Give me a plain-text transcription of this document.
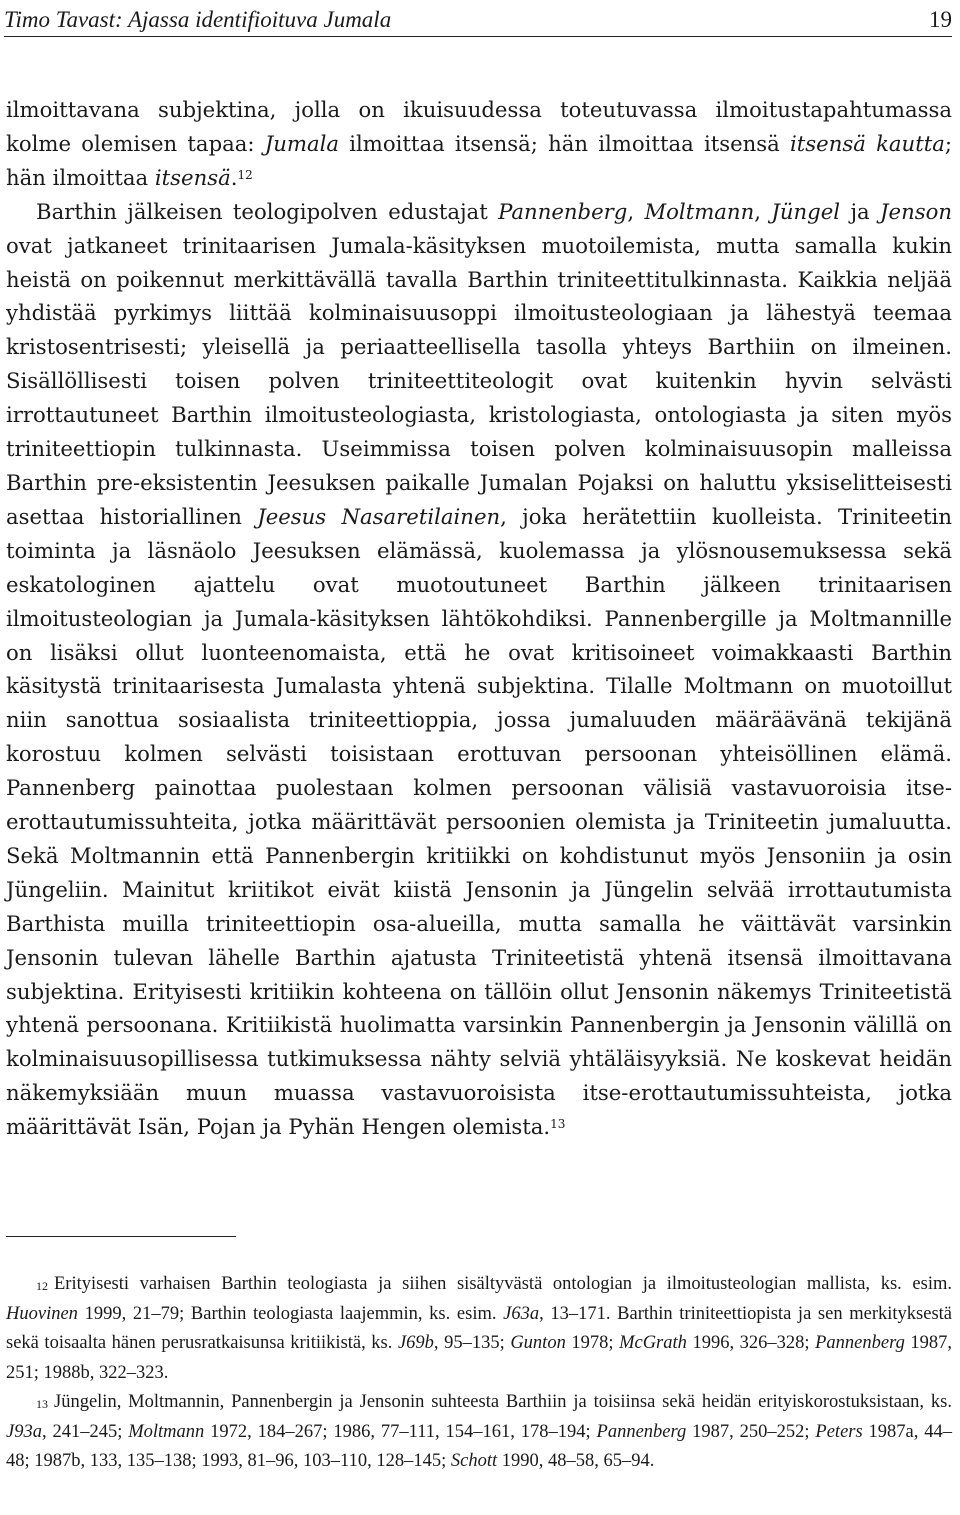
Timo Tavast: Ajassa identifioituva Jumala	19

ilmoittavana subjektina, jolla on ikuisuudessa toteutuvassa ilmoitustapahtumassa kolme olemisen tapaa: Jumala ilmoittaa itsensä; hän ilmoittaa itsensä itsensä kautta; hän ilmoittaa itsensä.$^{12}$

Barthin jälkeisen teologipolven edustajat Pannenberg, Moltmann, Jüngel ja Jenson ovat jatkaneet trinitaarisen Jumala-käsityksen muotoilemista, mutta samalla kukin heistä on poikennut merkittävällä tavalla Barthin triniteettitulkinnasta. Kaikkia neljää yhdistää pyrkimys liittää kolminaisuusoppi ilmoitusteologiaan ja lähestyä teemaa kristosentrisesti; yleisellä ja periaatteellisella tasolla yhteys Barthiin on ilmeinen. Sisällöllisesti toisen polven triniteettiteologit ovat kuitenkin hyvin selvästi irrottautuneet Barthin ilmoitusteologiasta, kristologiasta, ontologiasta ja siten myös triniteettiopin tulkinnasta. Useimmissa toisen polven kolminaisuusopin malleissa Barthin pre-eksistentin Jeesuksen paikalle Jumalan Pojaksi on haluttu yksiselitteisesti asettaa historiallinen Jeesus Nasaretilainen, joka herätettiin kuolleista. Triniteetin toiminta ja läsnäolo Jeesuksen elämässä, kuolemassa ja ylösnousemuksessa sekä eskatologinen ajattelu ovat muotoutuneet Barthin jälkeen trinitaarisen ilmoitusteologian ja Jumala-käsityksen lähtökohdiksi. Pannenbergille ja Moltmannille on lisäksi ollut luonteenomaista, että he ovat kritisoineet voimakkaasti Barthin käsitystä trinitaarisesta Jumalasta yhtenä subjektina. Tilalle Moltmann on muotoillut niin sanottua sosiaalista triniteettioppia, jossa jumaluuden määräävänä tekijänä korostuu kolmen selvästi toisistaan erottuvan persoonan yhteisöllinen elämä. Pannenberg painottaa puolestaan kolmen persoonan välisiä vastavuoroisia itse-erottautumissuhteita, jotka määrittävät persoonien olemista ja Triniteetin jumaluutta. Sekä Moltmannin että Pannenbergin kritiikki on kohdistunut myös Jensoniin ja osin Jüngeliin. Mainitut kriitikot eivät kiistä Jensonin ja Jüngelin selvää irrottautumista Barthista muilla triniteettiopin osa-alueilla, mutta samalla he väittävät varsinkin Jensonin tulevan lähelle Barthin ajatusta Triniteetistä yhtenä itsensä ilmoittavana subjektina. Erityisesti kritiikin kohteena on tällöin ollut Jensonin näkemys Triniteetistä yhtenä persoonana. Kritiikistä huolimatta varsinkin Pannenbergin ja Jensonin välillä on kolminaisuusopillisessa tutkimuksessa nähty selviä yhtäläisyyksiä. Ne koskevat heidän näkemyksiään muun muassa vastavuoroisista itse-erottautumissuhteista, jotka määrittävät Isän, Pojan ja Pyhän Hengen olemista.$^{13}$

$^{12}$ Erityisesti varhaisen Barthin teologiasta ja siihen sisältyvästä ontologian ja ilmoitusteologian mallista, ks. esim. Huovinen 1999, 21–79; Barthin teologiasta laajemmin, ks. esim. J63a, 13–171. Barthin triniteettiopista ja sen merkityksestä sekä toisaalta hänen perusratkaisunsa kritiikistä, ks. J69b, 95–135; Gunton 1978; McGrath 1996, 326–328; Pannenberg 1987, 251; 1988b, 322–323.

$^{13}$ Jüngelin, Moltmannin, Pannenbergin ja Jensonin suhteesta Barthiin ja toisiinsa sekä heidän erityiskorostuksistaan, ks. J93a, 241–245; Moltmann 1972, 184–267; 1986, 77–111, 154–161, 178–194; Pannenberg 1987, 250–252; Peters 1987a, 44–48; 1987b, 133, 135–138; 1993, 81–96, 103–110, 128–145; Schott 1990, 48–58, 65–94.
